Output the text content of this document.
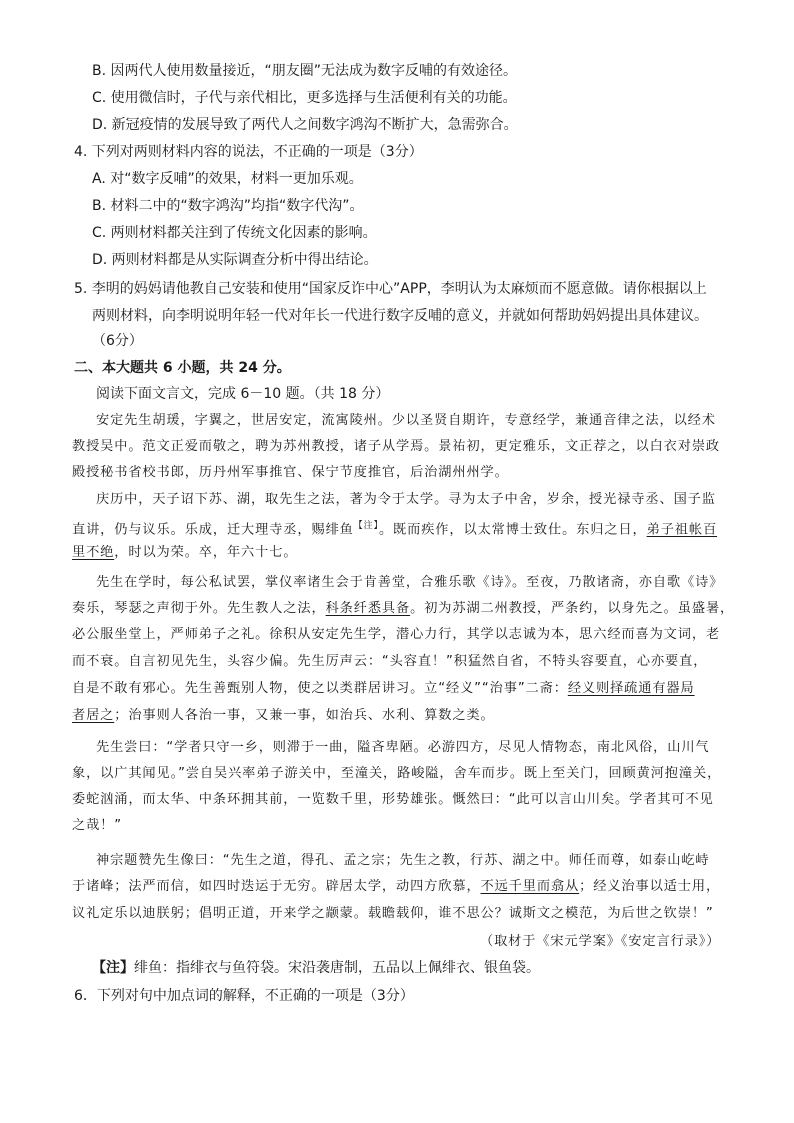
B. 因两代人使用数量接近，“朋友圈”无法成为数字反哺的有效途径。
C. 使用微信时，子代与亲代相比，更多选择与生活便利有关的功能。
D. 新冠疫情的发展导致了两代人之间数字鸿沟不断扩大，急需弥合。
4. 下列对两则材料内容的说法，不正确的一项是（3分）
A. 对“数字反哺”的效果，材料一更加乐观。
B. 材料二中的“数字鸿沟”均指“数字代沟”。
C. 两则材料都关注到了传统文化因素的影响。
D. 两则材料都是从实际调查分析中得出结论。
5. 李明的妈妈请他教自己安装和使用“国家反诈中心”APP，李明认为太麻烦而不愿意做。请你根据以上
两则材料，向李明说明年轻一代对年长一代进行数字反哺的意义，并就如何帮助妈妈提出具体建议。
（6分）
二、本大题共 6 小题，共 24 分。
阅读下面文言文，完成 6－10 题。（共 18 分）
安定先生胡瑗，字翼之，世居安定，流寓陵州。少以圣贤自期许，专意经学，兼通音律之法，以经术
教授吴中。范文正爱而敬之，聘为苏州教授，诸子从学焉。景祐初，更定雅乐，文正荐之，以白衣对崇政
殿授秘书省校书郎，历丹州军事推官、保宁节度推官，后治湖州州学。
庆历中，天子诏下苏、湖，取先生之法，著为令于太学。寻为太子中舍，岁余，授光禄寺丞、国子监
直讲，仍与议乐。乐成，迁大理寺丞，赐绯鱼$^{【注】}$。既而疾作，以太常博士致仕。东归之日，弟子祖帐百
里不绝，时以为荣。卒，年六十七。
先生在学时，每公私试罢，掌仪率诸生会于肯善堂，合雅乐歌《诗》。至夜，乃散诸斋，亦自歌《诗》
奏乐，琴瑟之声彻于外。先生教人之法，科条纤悉具备。初为苏湖二州教授，严条约，以身先之。虽盛暑，
必公服坐堂上，严师弟子之礼。徐积从安定先生学，潜心力行，其学以志诚为本，思六经而喜为文词，老
而不衰。自言初见先生，头容少偏。先生厉声云：“头容直！”积猛然自省，不特头容要直，心亦要直，
自是不敢有邪心。先生善甄别人物，使之以类群居讲习。立“经义”“治事”二斋：经义则择疏通有器局
者居之；治事则人各治一事，又兼一事，如治兵、水利、算数之类。
先生尝曰：“学者只守一乡，则滞于一曲，隘吝卑陋。必游四方，尽见人情物态，南北风俗，山川气
象，以广其闻见。”尝自吴兴率弟子游关中，至潼关，路峻隘，舍车而步。既上至关门，回顾黄河抱潼关，
委蛇汹涌，而太华、中条环拥其前，一览数千里，形势雄张。慨然曰：“此可以言山川矣。学者其可不见
之哉！”
神宗题赞先生像曰：“先生之道，得孔、孟之宗；先生之教，行苏、湖之中。师任而尊，如泰山屹峙
于诸峰；法严而信，如四时迭运于无穷。辟居太学，动四方欣慕，不远千里而翕从；经义治事以适士用，
议礼定乐以迪朕躬；倡明正道，开来学之颛蒙。载瞻载仰，谁不思公？诚斯文之模范，为后世之钦崇！”
（取材于《宋元学案》《安定言行录》）
【注】绯鱼：指绯衣与鱼符袋。宋沿袭唐制，五品以上佩绯衣、银鱼袋。
6．下列对句中加点词的解释，不正确的一项是（3分）
